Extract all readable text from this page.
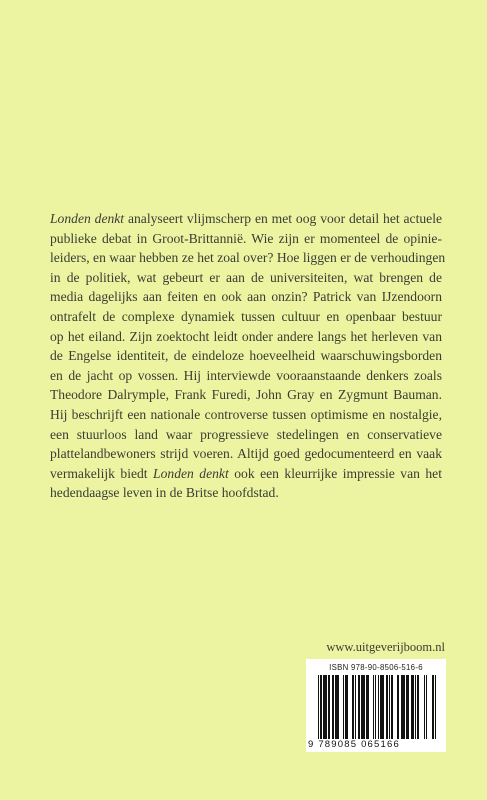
Londen denkt analyseert vlijmscherp en met oog voor detail het actuele
publieke debat in Groot-Brittannië. Wie zijn er momenteel de opinie-
leiders, en waar hebben ze het zoal over? Hoe liggen er de verhoudingen
in de politiek, wat gebeurt er aan de universiteiten, wat brengen de
media dagelijks aan feiten en ook aan onzin? Patrick van IJzendoorn
ontrafelt de complexe dynamiek tussen cultuur en openbaar bestuur
op het eiland. Zijn zoektocht leidt onder andere langs het herleven van
de Engelse identiteit, de eindeloze hoeveelheid waarschuwingsborden
en de jacht op vossen. Hij interviewde vooraanstaande denkers zoals
Theodore Dalrymple, Frank Furedi, John Gray en Zygmunt Bauman.
Hij beschrijft een nationale controverse tussen optimisme en nostalgie,
een stuurloos land waar progressieve stedelingen en conservatieve
plattelandbewoners strijd voeren. Altijd goed gedocumenteerd en vaak
vermakelijk biedt Londen denkt ook een kleurrijke impressie van het
hedendaagse leven in de Britse hoofdstad.
www.uitgeverijboom.nl
ISBN 978-90-8506-516-6
9 789085 065166
